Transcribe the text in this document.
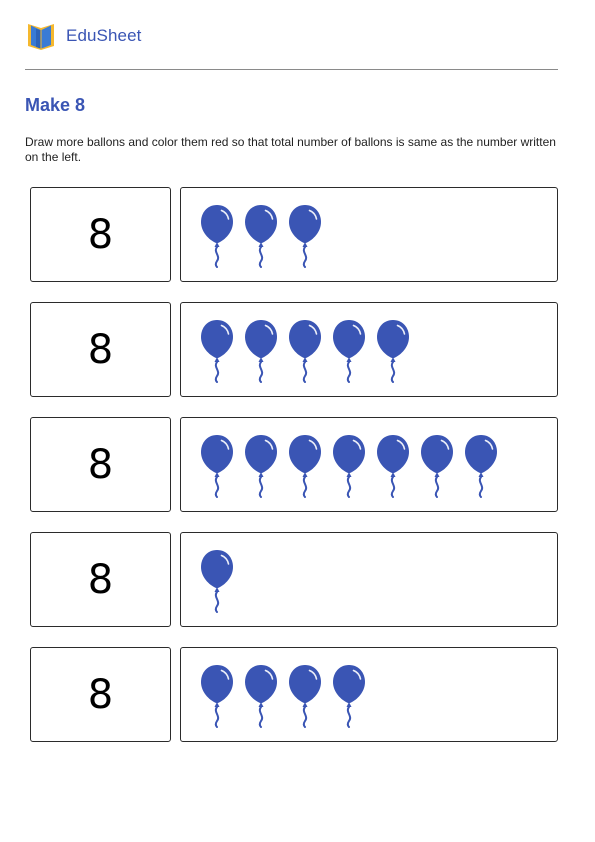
EduSheet
Make 8

Draw more ballons and color them red so that total number of ballons is same as the number written on the left.

8
8
8
8
8
